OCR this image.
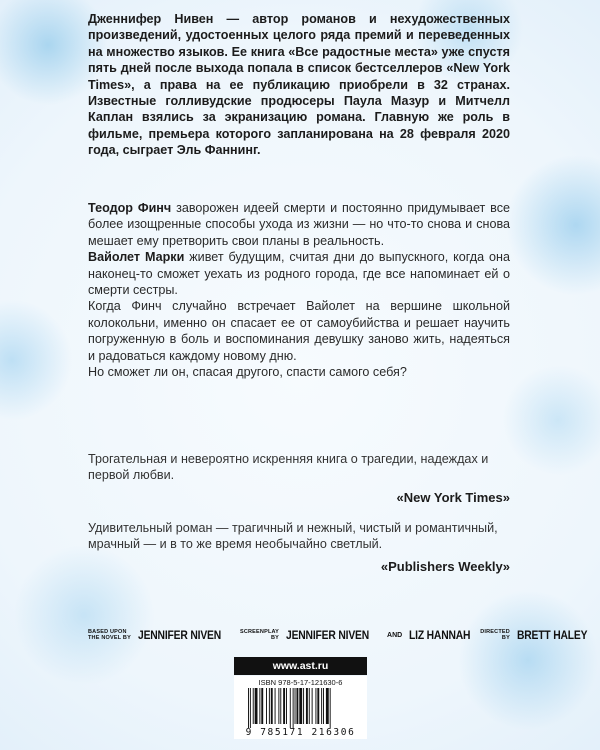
Дженнифер Нивен — автор романов и нехудожественных произведений, удостоенных целого ряда премий и переведенных на множество языков. Ее книга «Все радостные места» уже спустя пять дней после выхода попала в список бестселлеров «New York Times», а права на ее публикацию приобрели в 32 странах. Известные голливудские продюсеры Паула Мазур и Митчелл Каплан взялись за экранизацию романа. Главную же роль в фильме, премьера которого запланирована на 28 февраля 2020 года, сыграет Эль Фаннинг.

Теодор Финч заворожен идеей смерти и постоянно придумывает все более изощренные способы ухода из жизни — но что-то снова и снова мешает ему претворить свои планы в реальность.

Вайолет Марки живет будущим, считая дни до выпускного, когда она наконец-то сможет уехать из родного города, где все напоминает ей о смерти сестры.

Когда Финч случайно встречает Вайолет на вершине школьной колокольни, именно он спасает ее от самоубийства и решает научить погруженную в боль и воспоминания девушку заново жить, надеяться и радоваться каждому новому дню.

Но сможет ли он, спасая другого, спасти самого себя?

Трогательная и невероятно искренняя книга о трагедии, надеждах и первой любви.

«New York Times»

Удивительный роман — трагичный и нежный, чистый и романтичный, мрачный — и в то же время необычайно светлый.

«Publishers Weekly»
BASED UPON
THE NOVEL BY JENNIFER NIVEN	SCREENPLAY
BY JENNIFER NIVEN	AND LIZ HANNAH DIRECTED
BY BRETT HALEY
www.ast.ru
ISBN 978-5-17-121630-6
9 785171 216306
